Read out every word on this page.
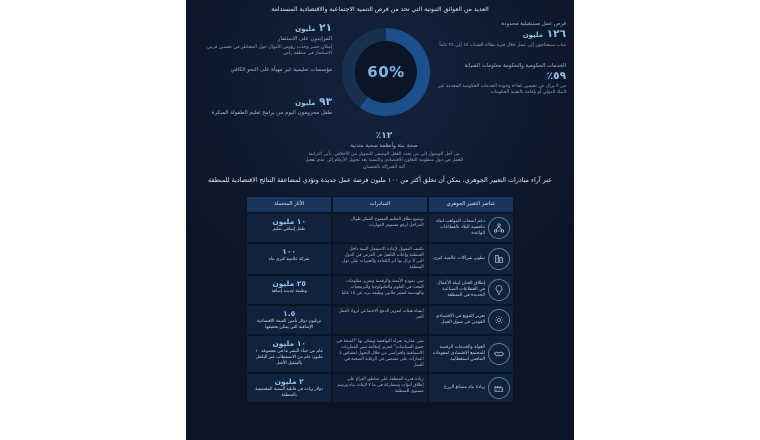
العديد من العوائق الثبوتية التي تحد من فرص التنمية الاجتماعية والاقتصادية المستدامة
60%
٢١ مليون
المزايدون على الاستثمار
إمكان حصر وجذب رؤوس الأموال حول المخاطر في تحسين فرص الاستثمار في منطقة رأس
مؤسسات تعليمية غير مهيأة على النحو الكافي
٩٣ مليون
طفل محرومون اليوم من برامج تعليم الطفولة المبكرة
فرص عمل مستقبلية محدودة
١٢٦ مليون
شاب سيحتاجون إلى عمل خلال فترة بطالة الشباب ١٥ إلى ٢٤ عاماً
الخدمات الحكومية والحكومة معلومات الصيانة
٥٩٪
من لا يزال عن تحسين كفاءة وجودة الخدمات الحكومية المقدمة عبر البنك الدولي أو بإقامة بالتقنية الحكومات
١٢٪
صحة بيئة وأنظمة صحية متدنية
من أجل الوصول إلى من تحت الفعل الوصفي للتمويل من الأخلاقي. يأتي الترابط للعمل في دول منظومة التعاون الاقتصادي والتنمية بعد تحويل الأرقام إلى عدم تفعيل آلية الشراكة بالحسبان
عبر آراء مبادرات التغيير الجوهري، يمكن أن تخلق أكثر من ١٠٠ مليون فرصة عمل جديدة وتؤدي لمضاعفة النتائج الاقتصادية للمنطقة
عناصر التغيير الجوهري
المبادرات
الآثار المحتملة
دعم أصحاب المواهب لبناء تنافسية البلاد بالقطاعات الواعدة
توسيع نطاق التعليم المفتوح المبكر طوال المراحل لرفع مستوى المهارات
١٠ مليون
طفل إضافي تعليم
تطوير شراكات عالمية كبرى
تكثيف التمويل لإعادة الاستثمار البنية داخل المنطقة وإعادة التأهيل في الفرص في الدول التي لا تزال بها أثر الكفاءة والخبرات على دول المنطقة
١٠٠
شركة عالمية كبرى بناء
إطلاق العنان لبيئة الأعمال في القطاعات الصناعية الجديدة في المنطقة
تبني نموذج الأتمتة والرقمنة وتعزيز مقاومات البحث في العلوم والتكنولوجيا والبرمجيات والهندسة لعشر ملايين وظيفة تزيد عن ١٥ عاما
٢٥ مليون
وظيفة جديدة إضافة
تعزيز التنويع في الاقتصادي القومي في سوق العمل
إنشاء هيئات لتعزيز الدمج الاجتماعي لرواد العمل الحر
١.٥
تريليون دولار تأمين القيمة الاقتصادية الإضافية التي يمكن تحقيقها
العولة والخدمات الرقمية للمجتمع الاقتصادي لمقومات التنافس استقطابية
تبني مقاربة شراء التوافقية ويمكن بها "الصحة في جميع السياسات" لتعزيز إمكانية تبني المقاربات الاستباقية وافتراضي من خلال التحول لمقياس ٤ اعتبارات على مقتضى في الرقابة الصحية في العمل
١٠ مليون
عام من حياة البشر ما في مجموعة ١٠ مليون عام من الاستقطاب عبر التكفل بالتفعيل الأمثل
زيادة بناء مصانع الزرع
زيادة قدرة المنطقة على مناطق النزاع على إطلاق أدوات ومشاركة في ما لا لإعادة بناء ورسم مستوى للمنطقة
٢ مليون
دولار زيادة في قابلية التنمية المجتمعية بالمنطقة
